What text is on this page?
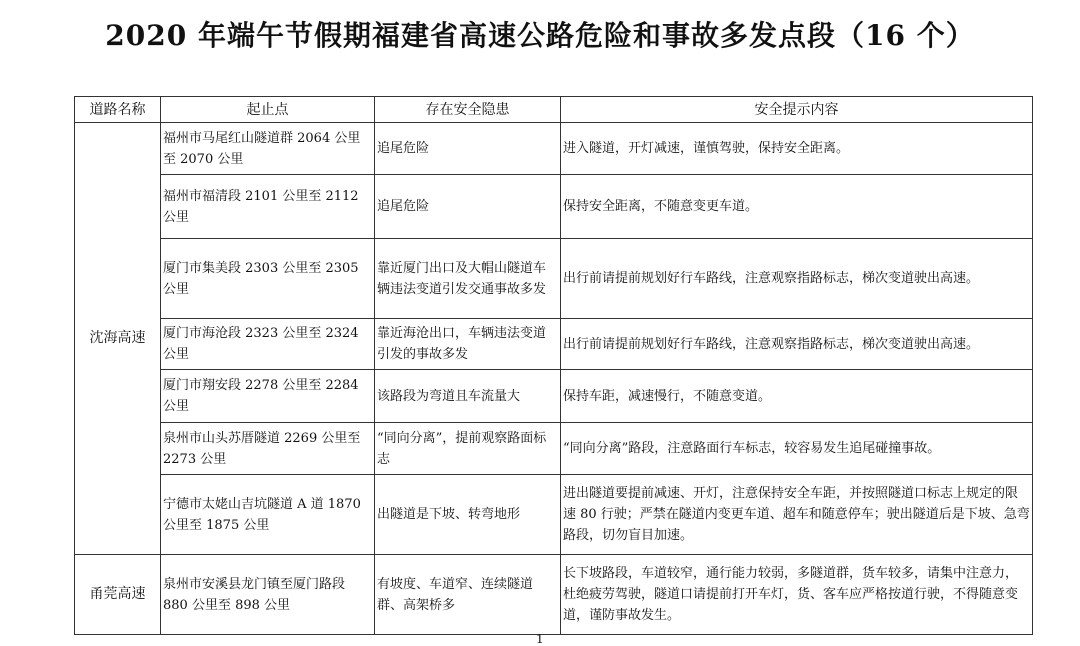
2020 年端午节假期福建省高速公路危险和事故多发点段（16 个）
道路名称	起止点	存在安全隐患	安全提示内容
沈海高速	福州市马尾红山隧道群 2064 公里至 2070 公里	追尾危险	进入隧道，开灯减速，谨慎驾驶，保持安全距离。
	福州市福清段 2101 公里至 2112 公里	追尾危险	保持安全距离，不随意变更车道。
	厦门市集美段 2303 公里至 2305 公里	靠近厦门出口及大帽山隧道车辆违法变道引发交通事故多发	出行前请提前规划好行车路线，注意观察指路标志，梯次变道驶出高速。
	厦门市海沧段 2323 公里至 2324 公里	靠近海沧出口，车辆违法变道引发的事故多发	出行前请提前规划好行车路线，注意观察指路标志，梯次变道驶出高速。
	厦门市翔安段 2278 公里至 2284 公里	该路段为弯道且车流量大	保持车距，减速慢行，不随意变道。
	泉州市山头苏厝隧道 2269 公里至 2273 公里	“同向分离”，提前观察路面标志	“同向分离”路段，注意路面行车标志，较容易发生追尾碰撞事故。
	宁德市太姥山吉坑隧道 A 道 1870 公里至 1875 公里	出隧道是下坡、转弯地形	进出隧道要提前减速、开灯，注意保持安全车距，并按照隧道口标志上规定的限速 80 行驶；严禁在隧道内变更车道、超车和随意停车；驶出隧道后是下坡、急弯路段，切勿盲目加速。
甬莞高速	泉州市安溪县龙门镇至厦门路段 880 公里至 898 公里	有坡度、车道窄、连续隧道群、高架桥多	长下坡路段，车道较窄，通行能力较弱，多隧道群，货车较多，请集中注意力，杜绝疲劳驾驶，隧道口请提前打开车灯，货、客车应严格按道行驶，不得随意变道，谨防事故发生。
1
